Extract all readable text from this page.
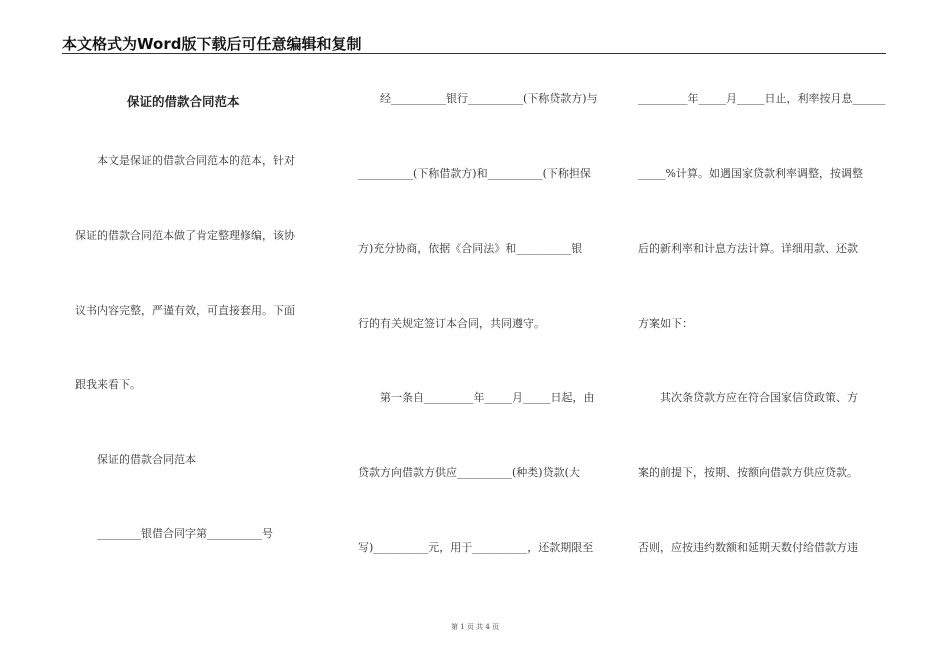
本文格式为Word版下载后可任意编辑和复制
保证的借款合同范本
　　本文是保证的借款合同范本的范本，针对
保证的借款合同范本做了肯定整理修编，该协
议书内容完整，严谨有效，可直接套用。下面
跟我来看下。
　　保证的借款合同范本
　　________银借合同字第__________号
　　经__________银行__________(下称贷款方)与
__________(下称借款方)和__________(下称担保
方)充分协商，依据《合同法》和__________银
行的有关规定签订本合同，共同遵守。
　　第一条自_________年_____月_____日起，由
贷款方向借款方供应__________(种类)贷款(大
写)__________元，用于__________，还款期限至
_________年_____月_____日止，利率按月息______
_____%计算。如遇国家贷款利率调整，按调整
后的新利率和计息方法计算。详细用款、还款
方案如下：
　　其次条贷款方应在符合国家信贷政策、方
案的前提下，按期、按额向借款方供应贷款。
否则，应按违约数额和延期天数付给借款方违
第 1 页 共 4 页
